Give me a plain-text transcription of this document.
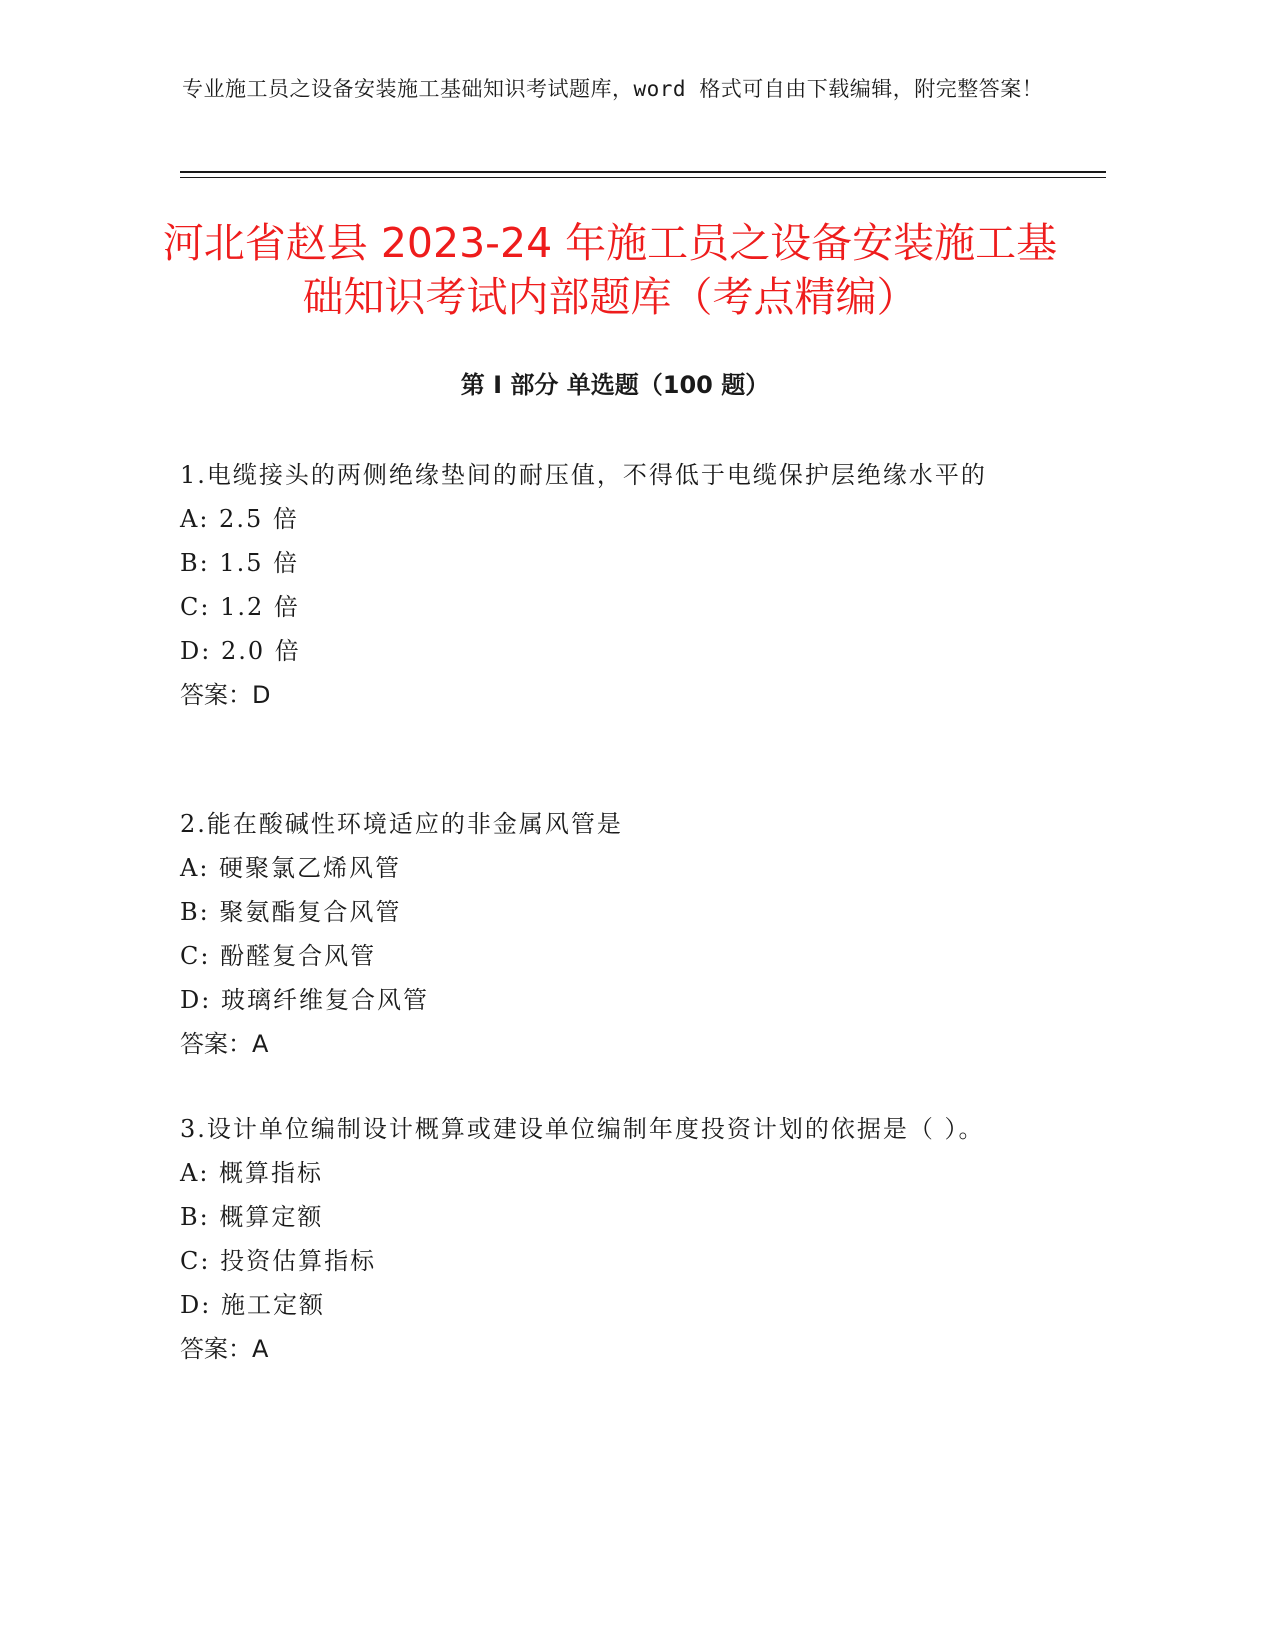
专业施工员之设备安装施工基础知识考试题库，word 格式可自由下载编辑，附完整答案！
河北省赵县 2023-24 年施工员之设备安装施工基础知识考试内部题库（考点精编）
第 I 部分 单选题（100 题）

1.电缆接头的两侧绝缘垫间的耐压值，不得低于电缆保护层绝缘水平的

A: 2.5 倍

B: 1.5 倍

C: 1.2 倍

D: 2.0 倍

答案：D

2.能在酸碱性环境适应的非金属风管是

A: 硬聚氯乙烯风管

B: 聚氨酯复合风管

C: 酚醛复合风管

D: 玻璃纤维复合风管

答案：A

3.设计单位编制设计概算或建设单位编制年度投资计划的依据是（ ）。

A: 概算指标

B: 概算定额

C: 投资估算指标

D: 施工定额

答案：A
